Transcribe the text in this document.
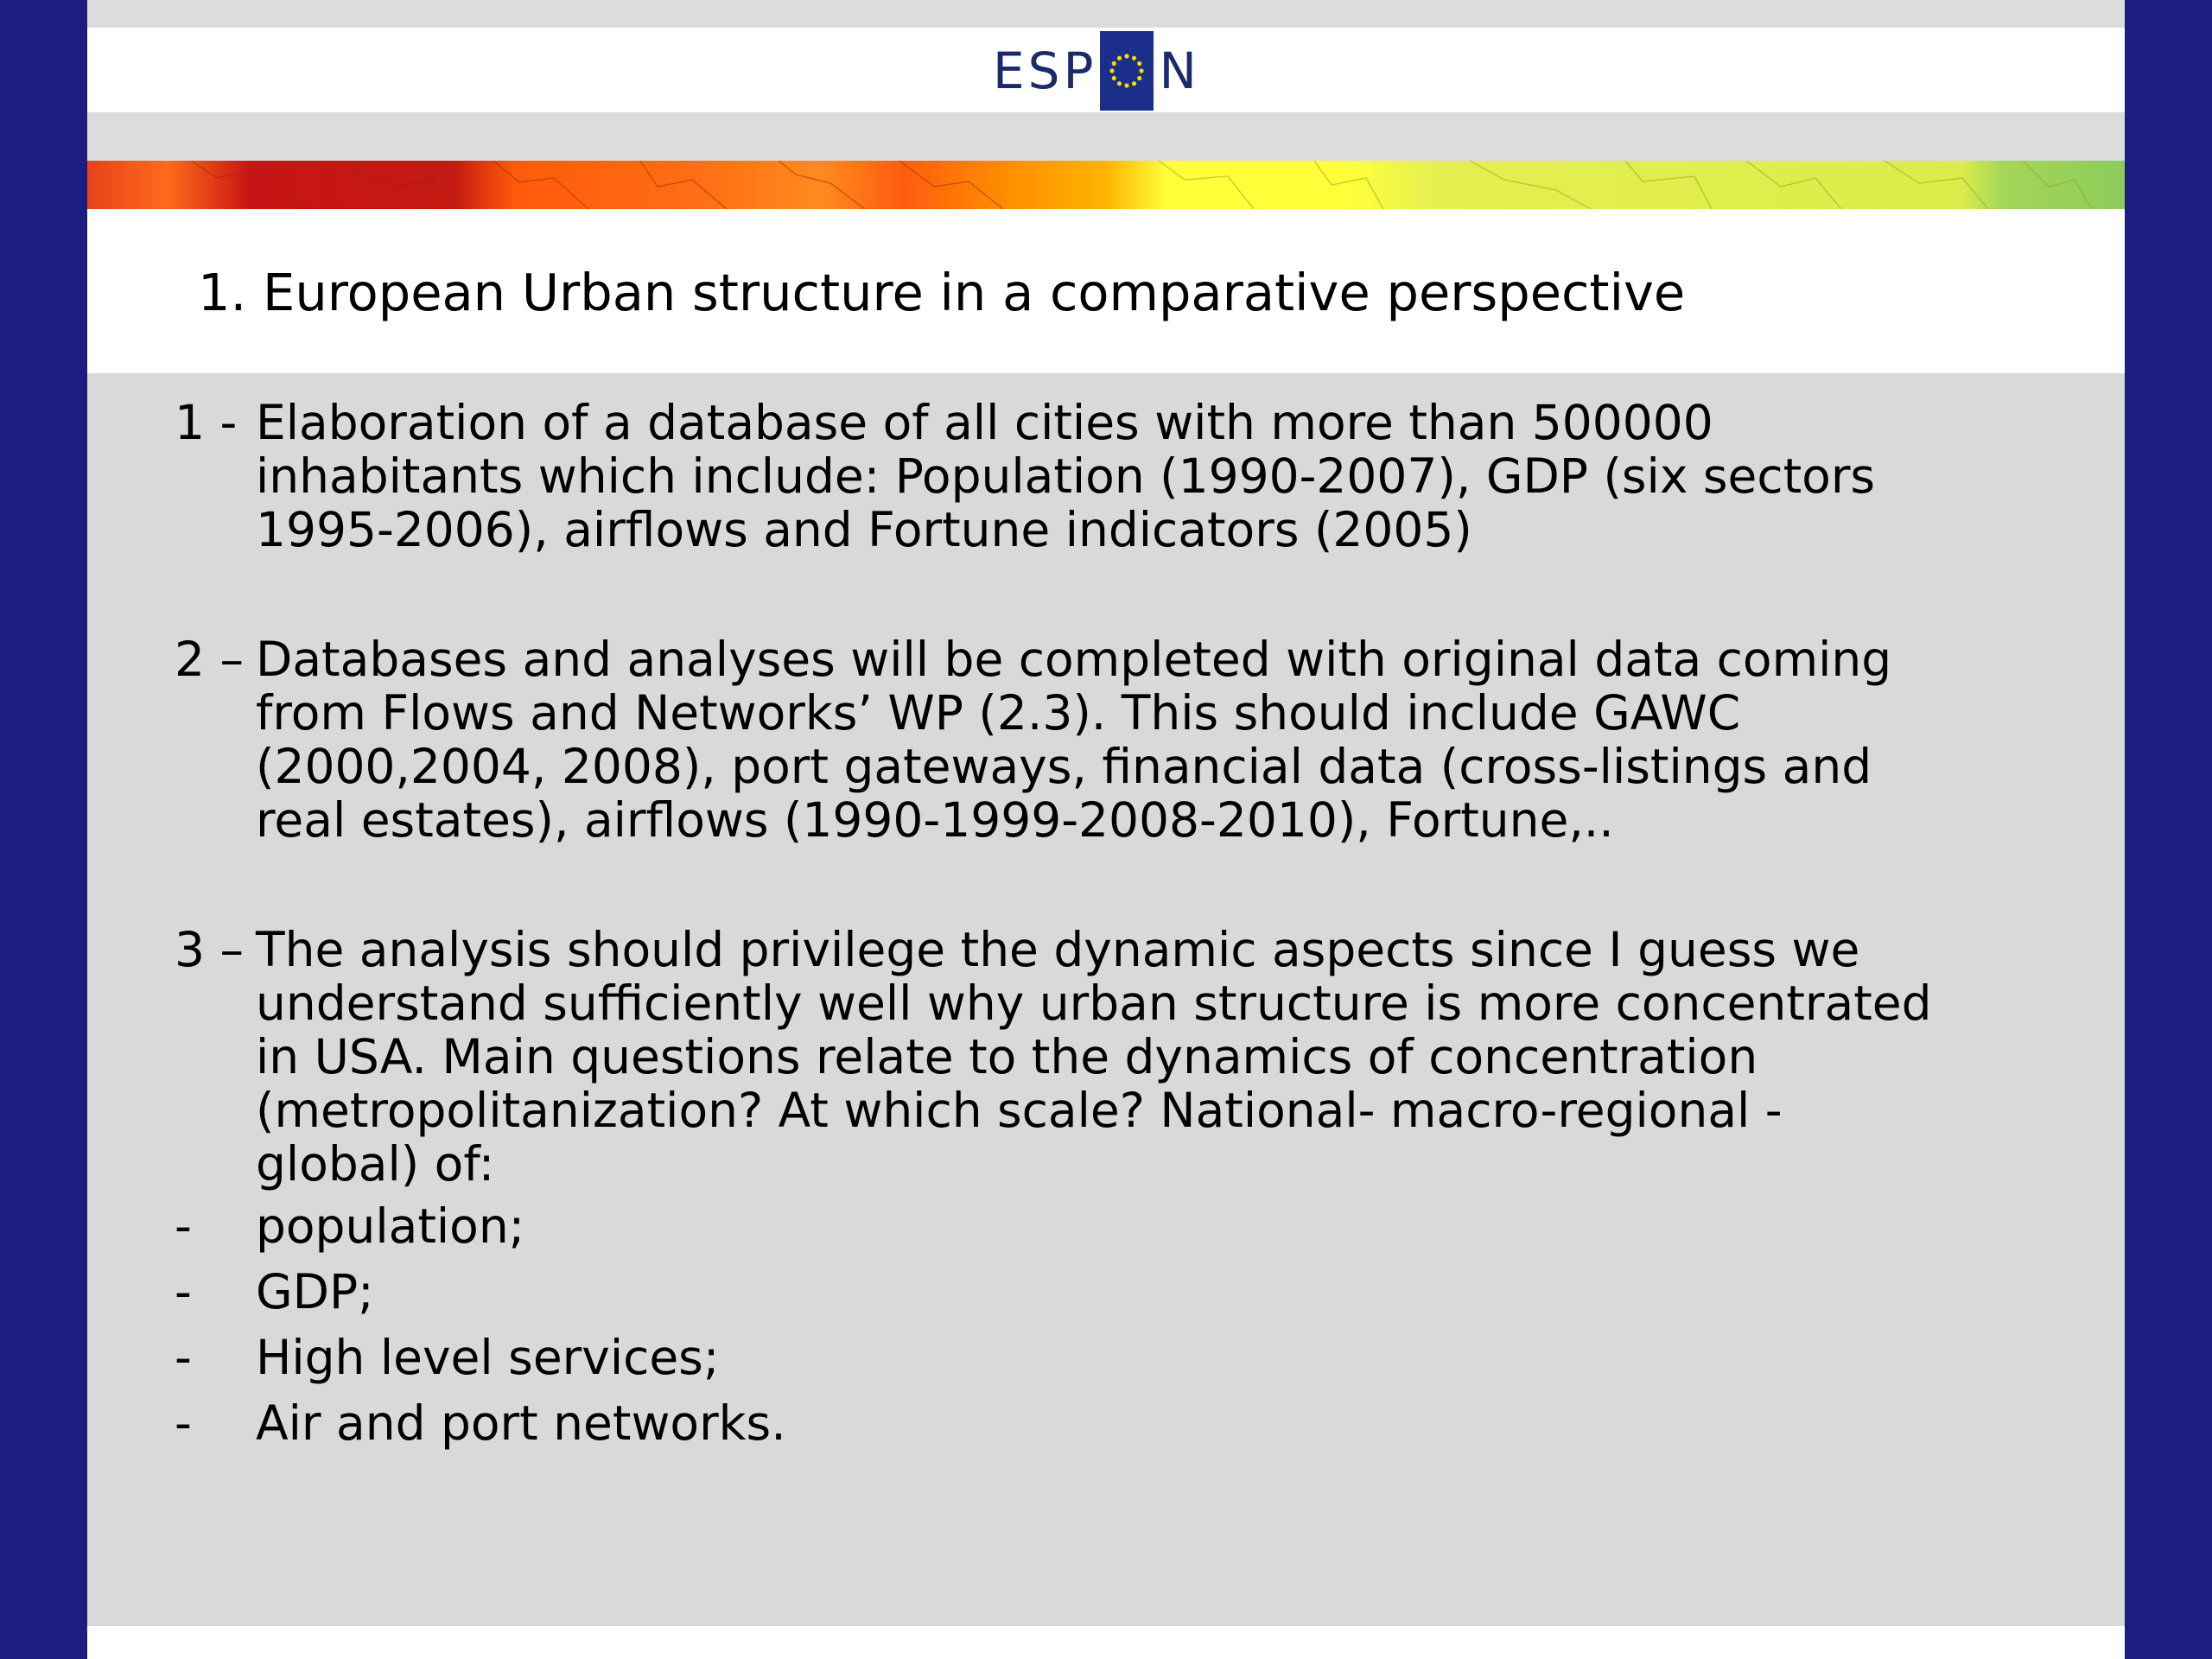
ESP N
1. European Urban structure in a comparative perspective
1 - Elaboration of a database of all cities with more than 500000
inhabitants which include: Population (1990-2007), GDP (six sectors
1995-2006), airflows and Fortune indicators (2005)
2 –
Databases and analyses will be completed with original data coming
from Flows and Networks’ WP (2.3). This should include GAWC
(2000,2004, 2008), port gateways, financial data (cross-listings and
real estates), airflows (1990-1999-2008-2010), Fortune,..
3 –
The analysis should privilege the dynamic aspects since I guess we
understand sufficiently well why urban structure is more concentrated
in USA. Main questions relate to the dynamics of concentration
(metropolitanization? At which scale? National- macro-regional -
global) of:
- population;
- GDP;
- High level services;
- Air and port networks.
